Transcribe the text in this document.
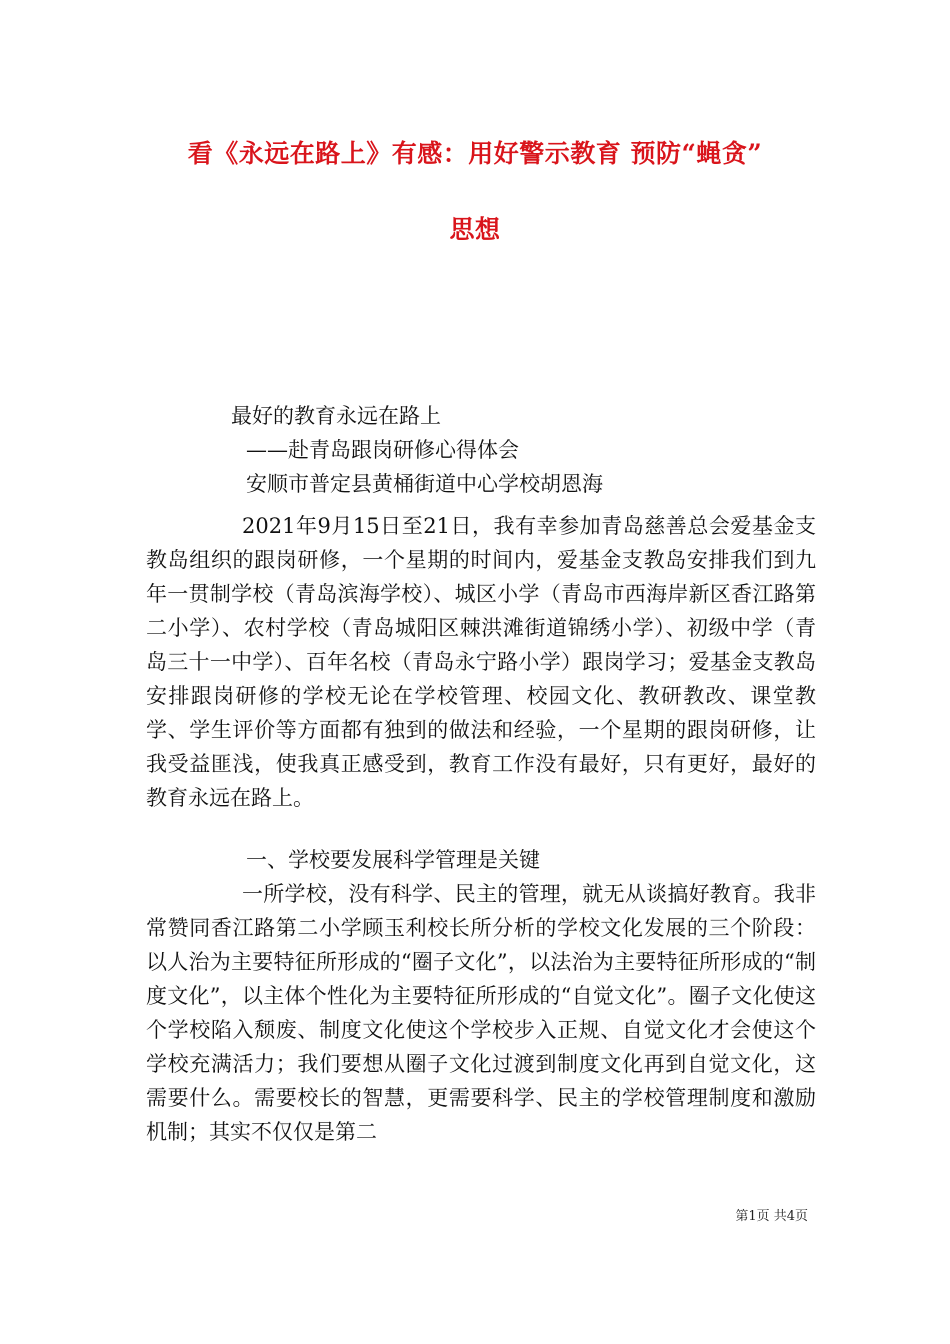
看《永远在路上》有感：用好警示教育 预防“蝇贪”
思想
最好的教育永远在路上
——赴青岛跟岗研修心得体会
安顺市普定县黄桶街道中心学校胡恩海
2021年9月15日至21日，我有幸参加青岛慈善总会爱基金支教岛组织的跟岗研修，一个星期的时间内，爱基金支教岛安排我们到九年一贯制学校（青岛滨海学校）、城区小学（青岛市西海岸新区香江路第二小学）、农村学校（青岛城阳区棘洪滩街道锦绣小学）、初级中学（青岛三十一中学）、百年名校（青岛永宁路小学）跟岗学习；爱基金支教岛安排跟岗研修的学校无论在学校管理、校园文化、教研教改、课堂教学、学生评价等方面都有独到的做法和经验，一个星期的跟岗研修，让我受益匪浅，使我真正感受到，教育工作没有最好，只有更好，最好的教育永远在路上。
一、学校要发展科学管理是关键
一所学校，没有科学、民主的管理，就无从谈搞好教育。我非常赞同香江路第二小学顾玉利校长所分析的学校文化发展的三个阶段：以人治为主要特征所形成的“圈子文化”，以法治为主要特征所形成的“制度文化”，以主体个性化为主要特征所形成的“自觉文化”。圈子文化使这个学校陷入颓废、制度文化使这个学校步入正规、自觉文化才会使这个学校充满活力；我们要想从圈子文化过渡到制度文化再到自觉文化，这需要什么。需要校长的智慧，更需要科学、民主的学校管理制度和激励机制；其实不仅仅是第二
第1页 共4页
